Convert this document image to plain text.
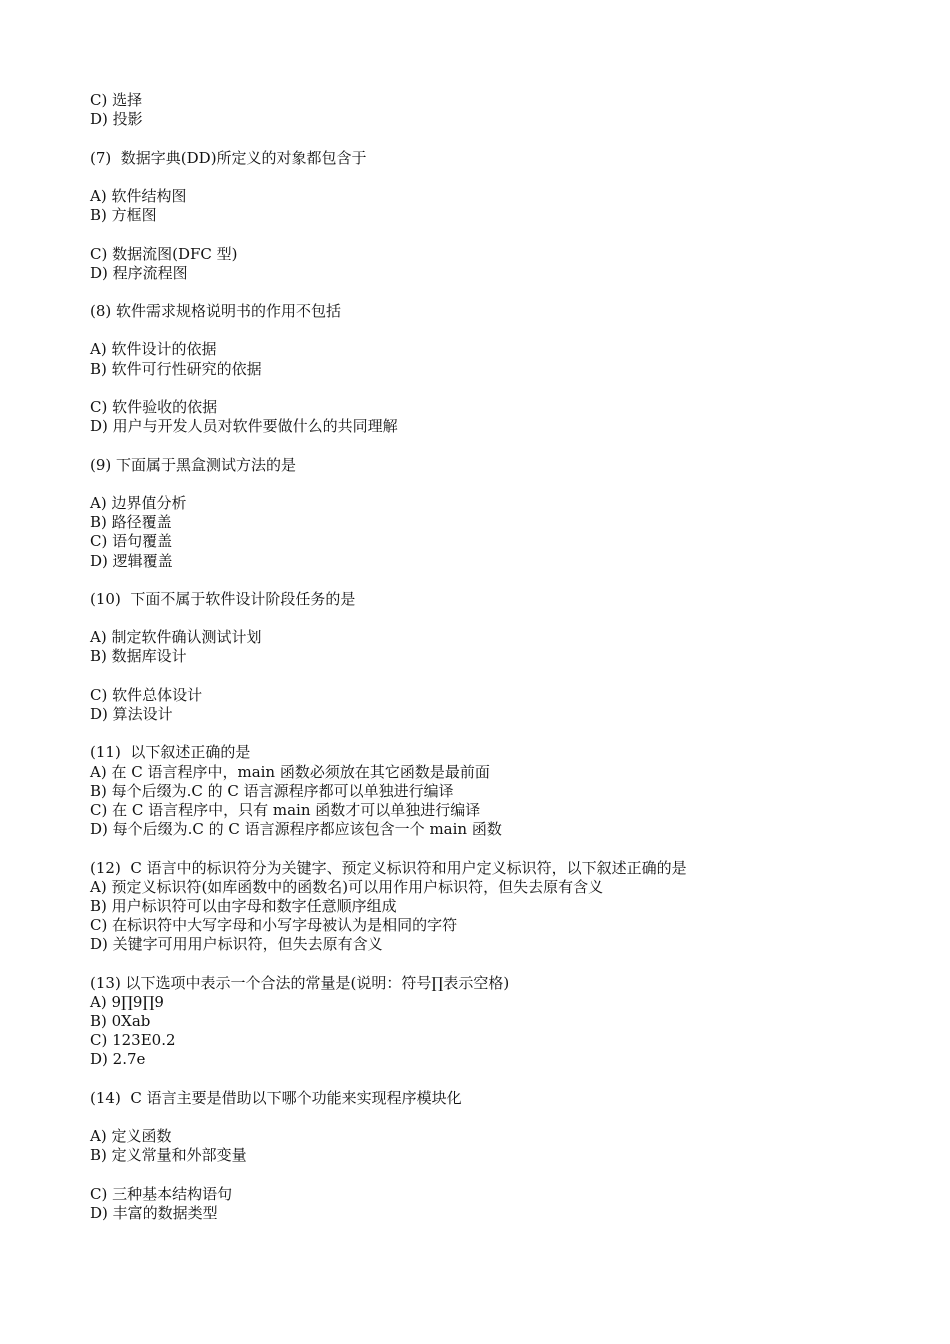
C) 选择
D) 投影
(7)  数据字典(DD)所定义的对象都包含于
A) 软件结构图
B) 方框图
C) 数据流图(DFC 型)
D) 程序流程图
(8) 软件需求规格说明书的作用不包括
A) 软件设计的依据
B) 软件可行性研究的依据
C) 软件验收的依据
D) 用户与开发人员对软件要做什么的共同理解
(9) 下面属于黑盒测试方法的是
A) 边界值分析
B) 路径覆盖
C) 语句覆盖
D) 逻辑覆盖
(10)  下面不属于软件设计阶段任务的是
A) 制定软件确认测试计划
B) 数据库设计
C) 软件总体设计
D) 算法设计
(11)  以下叙述正确的是
A) 在 C 语言程序中，main 函数必须放在其它函数是最前面
B) 每个后缀为.C 的 C 语言源程序都可以单独进行编译
C) 在 C 语言程序中，只有 main 函数才可以单独进行编译
D) 每个后缀为.C 的 C 语言源程序都应该包含一个 main 函数
(12)  C 语言中的标识符分为关键字、预定义标识符和用户定义标识符，以下叙述正确的是
A) 预定义标识符(如库函数中的函数名)可以用作用户标识符，但失去原有含义
B) 用户标识符可以由字母和数字任意顺序组成
C) 在标识符中大写字母和小写字母被认为是相同的字符
D) 关键字可用用户标识符，但失去原有含义
(13) 以下选项中表示一个合法的常量是(说明：符号∏表示空格)
A) 9∏9∏9
B) 0Xab
C) 123E0.2
D) 2.7e
(14)  C 语言主要是借助以下哪个功能来实现程序模块化
A) 定义函数
B) 定义常量和外部变量
C) 三种基本结构语句
D) 丰富的数据类型
